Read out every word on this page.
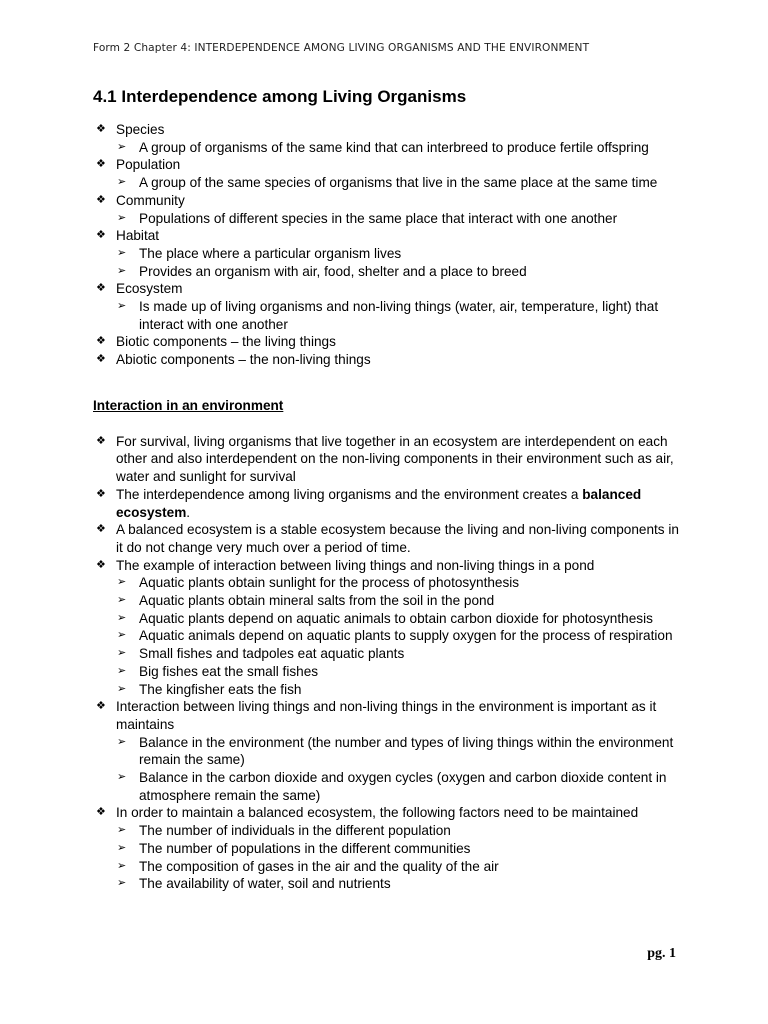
Form 2 Chapter 4: INTERDEPENDENCE AMONG LIVING ORGANISMS AND THE ENVIRONMENT
4.1 Interdependence among Living Organisms
❖ Species
➢ A group of organisms of the same kind that can interbreed to produce fertile offspring
❖ Population
➢ A group of the same species of organisms that live in the same place at the same time
❖ Community
➢ Populations of different species in the same place that interact with one another
❖ Habitat
➢ The place where a particular organism lives
➢ Provides an organism with air, food, shelter and a place to breed
❖ Ecosystem
➢ Is made up of living organisms and non-living things (water, air, temperature, light) that interact with one another
❖ Biotic components – the living things
❖ Abiotic components – the non-living things
Interaction in an environment
❖ For survival, living organisms that live together in an ecosystem are interdependent on each other and also interdependent on the non-living components in their environment such as air, water and sunlight for survival
❖ The interdependence among living organisms and the environment creates a balanced ecosystem.
❖ A balanced ecosystem is a stable ecosystem because the living and non-living components in it do not change very much over a period of time.
❖ The example of interaction between living things and non-living things in a pond
➢ Aquatic plants obtain sunlight for the process of photosynthesis
➢ Aquatic plants obtain mineral salts from the soil in the pond
➢ Aquatic plants depend on aquatic animals to obtain carbon dioxide for photosynthesis
➢ Aquatic animals depend on aquatic plants to supply oxygen for the process of respiration
➢ Small fishes and tadpoles eat aquatic plants
➢ Big fishes eat the small fishes
➢ The kingfisher eats the fish
❖ Interaction between living things and non-living things in the environment is important as it maintains
➢ Balance in the environment (the number and types of living things within the environment remain the same)
➢ Balance in the carbon dioxide and oxygen cycles (oxygen and carbon dioxide content in atmosphere remain the same)
❖ In order to maintain a balanced ecosystem, the following factors need to be maintained
➢ The number of individuals in the different population
➢ The number of populations in the different communities
➢ The composition of gases in the air and the quality of the air
➢ The availability of water, soil and nutrients
pg. 1
